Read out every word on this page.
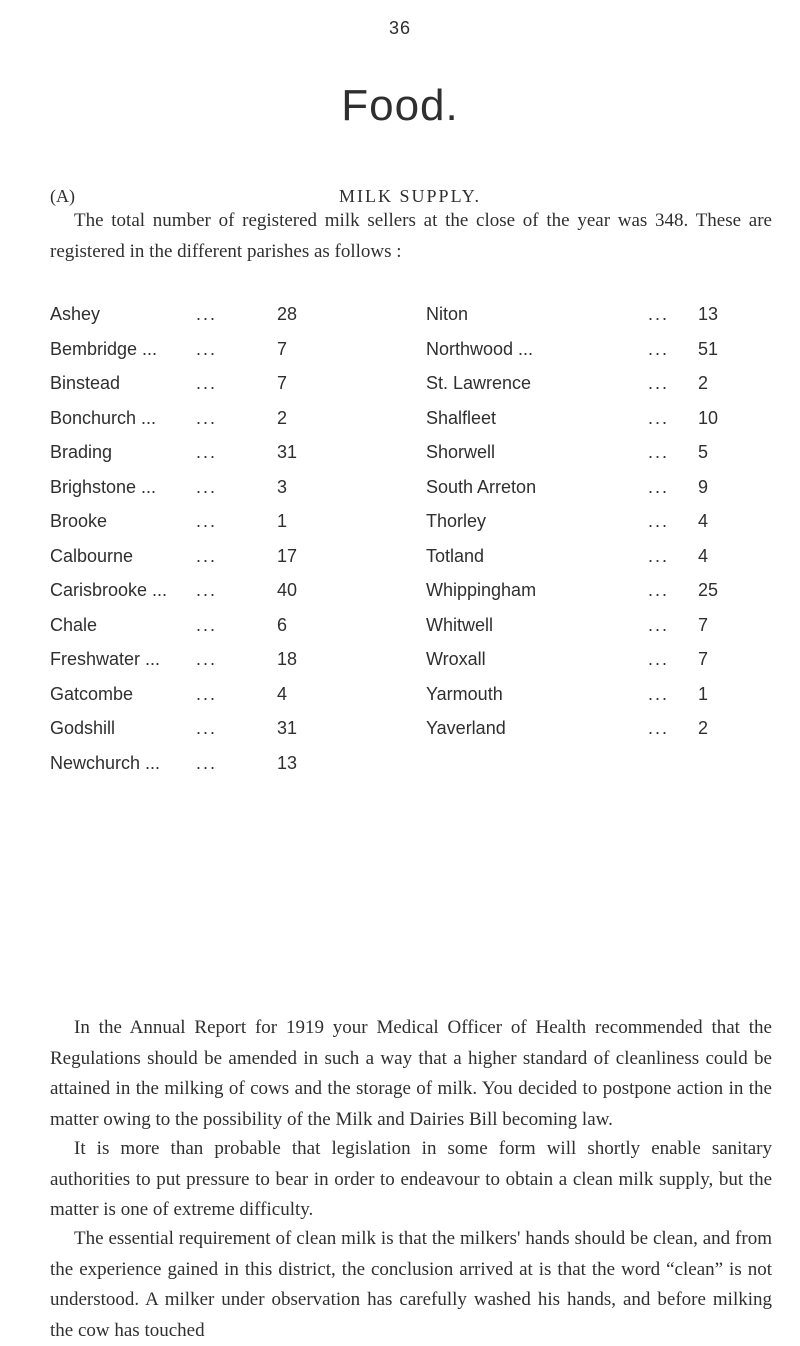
36
Food.
(A)	MILK SUPPLY.

The total number of registered milk sellers at the close of the year was 348. These are registered in the different parishes as follows :

Ashey	...	28	Niton	... 13
Bembridge ... ...	7	Northwood ...	... 51
Binstead	...	7	St. Lawrence	... 2
Bonchurch ... ...	2	Shalfleet	... 10
Brading	...	31	Shorwell	... 5
Brighstone ... ...	3	South Arreton	... 9
Brooke	...	1	Thorley	... 4
Calbourne	...	17	Totland	... 4
Carisbrooke ... ...	40	Whippingham	... 25
Chale	...	6	Whitwell	... 7
Freshwater ... ...	18	Wroxall	... 7
Gatcombe	...	4	Yarmouth	... 1
Godshill	...	31	Yaverland	... 2
Newchurch ... ...	13

In the Annual Report for 1919 your Medical Officer of Health recommended that the Regulations should be amended in such a way that a higher standard of cleanliness could be attained in the milking of cows and the storage of milk. You decided to postpone action in the matter owing to the possibility of the Milk and Dairies Bill becoming law.

It is more than probable that legislation in some form will shortly enable sanitary authorities to put pressure to bear in order to endeavour to obtain a clean milk supply, but the matter is one of extreme difficulty.

The essential requirement of clean milk is that the milkers' hands should be clean, and from the experience gained in this district, the conclusion arrived at is that the word “clean” is not understood. A milker under observation has carefully washed his hands, and before milking the cow has touched
